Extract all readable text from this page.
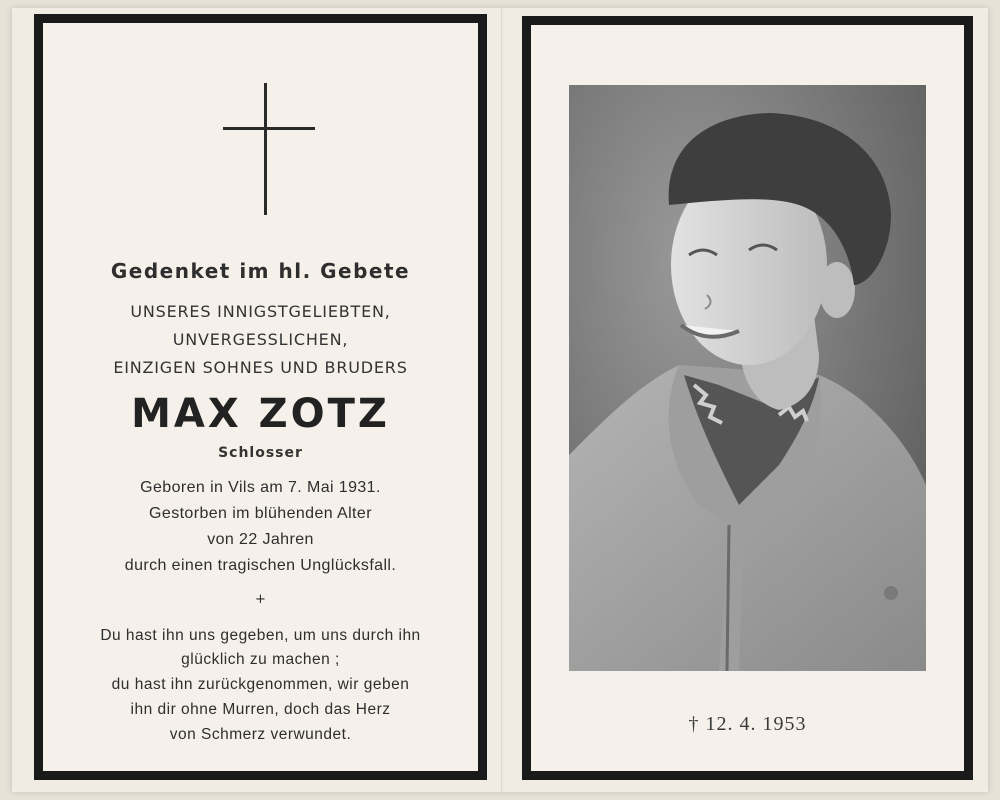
Gedenket im hl. Gebete
UNSERES INNIGSTGELIEBTEN,
UNVERGESSLICHEN,
EINZIGEN SOHNES UND BRUDERS
MAX ZOTZ
Schlosser
Geboren in Vils am 7. Mai 1931.
Gestorben im blühenden Alter
von 22 Jahren
durch einen tragischen Unglücksfall.
+
Du hast ihn uns gegeben, um uns durch ihn
glücklich zu machen ;
du hast ihn zurückgenommen, wir geben
ihn dir ohne Murren, doch das Herz
von Schmerz verwundet.	† 12. 4. 1953
